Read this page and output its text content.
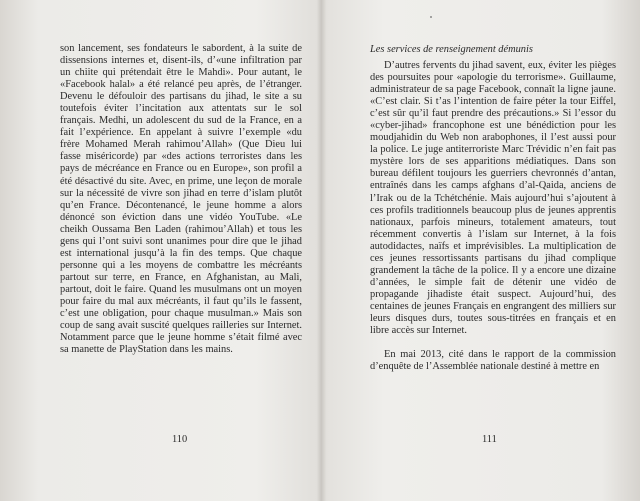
son lancement, ses fondateurs le sabordent, à la suite de dissensions internes et, disent-ils, d’«une infiltration par un chiite qui prétendait être le Mahdi». Pour autant, le «Facebook halal» a été relancé peu après, de l’étranger. Devenu le défouloir des partisans du jihad, le site a su toutefois éviter l’incitation aux attentats sur le sol français. Medhi, un adolescent du sud de la France, en a fait l’expérience. En appelant à suivre l’exemple «du frère Mohamed Merah rahimou’Allah» (Que Dieu lui fasse miséricorde) par «des actions terroristes dans les pays de mécréance en France ou en Europe», son profil a été désactivé du site. Avec, en prime, une leçon de morale sur la nécessité de vivre son jihad en terre d’islam plutôt qu’en France. Décontenancé, le jeune homme a alors dénoncé son éviction dans une vidéo YouTube. «Le cheikh Oussama Ben Laden (rahimou’Allah) et tous les gens qui l’ont suivi sont unanimes pour dire que le jihad est international jusqu’à la fin des temps. Que chaque personne qui a les moyens de combattre les mécréants partout sur terre, en France, en Afghanistan, au Mali, partout, doit le faire. Quand les musulmans ont un moyen pour faire du mal aux mécréants, il faut qu’ils le fassent, c’est une obligation, pour chaque musulman.» Mais son coup de sang avait suscité quelques railleries sur Internet. Notamment parce que le jeune homme s’était filmé avec sa manette de PlayStation dans les mains.

110
Les services de renseignement démunis

D’autres fervents du jihad savent, eux, éviter les pièges des poursuites pour «apologie du terrorisme». Guillaume, administrateur de sa page Facebook, connaît la ligne jaune. «C’est clair. Si t’as l’intention de faire péter la tour Eiffel, c’est sûr qu’il faut prendre des précautions.» Si l’essor du «cyber-jihad» francophone est une bénédiction pour les moudjahidin du Web non arabophones, il l’est aussi pour la police. Le juge antiterroriste Marc Trévidic n’en fait pas mystère lors de ses apparitions médiatiques. Dans son bureau défilent toujours les guerriers chevronnés d’antan, entraînés dans les camps afghans d’al-Qaida, anciens de l’Irak ou de la Tchétchénie. Mais aujourd’hui s’ajoutent à ces profils traditionnels beaucoup plus de jeunes apprentis nationaux, parfois mineurs, totalement amateurs, tout récemment convertis à l’islam sur Internet, à la fois autodidactes, naïfs et imprévisibles. La multiplication de ces jeunes ressortissants partisans du jihad complique grandement la tâche de la police. Il y a encore une dizaine d’années, le simple fait de détenir une vidéo de propagande jihadiste était suspect. Aujourd’hui, des centaines de jeunes Français en engrangent des milliers sur leurs disques durs, toutes sous-titrées en français et en libre accès sur Internet.

En mai 2013, cité dans le rapport de la commission d’enquête de l’Assemblée nationale destiné à mettre en

111
